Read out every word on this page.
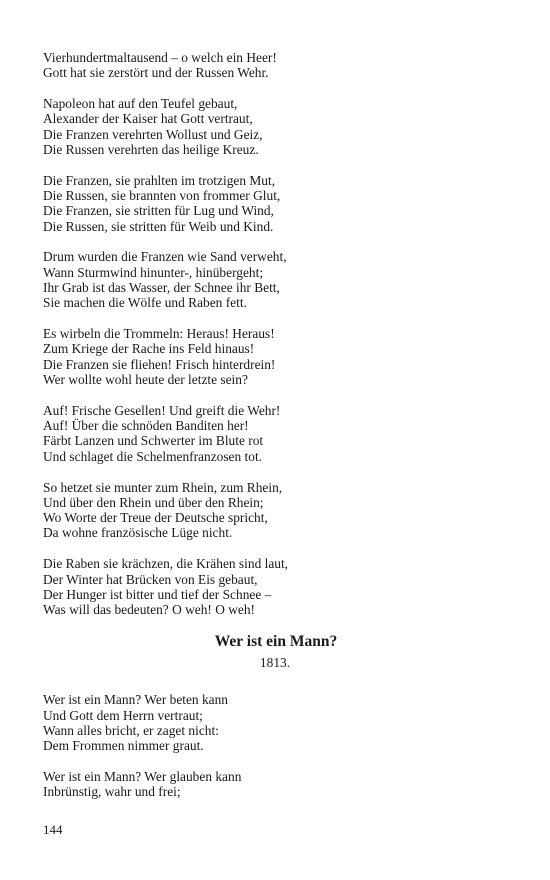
Vierhundertmaltausend – o welch ein Heer!
Gott hat sie zerstört und der Russen Wehr.
Napoleon hat auf den Teufel gebaut,
Alexander der Kaiser hat Gott vertraut,
Die Franzen verehrten Wollust und Geiz,
Die Russen verehrten das heilige Kreuz.
Die Franzen, sie prahlten im trotzigen Mut,
Die Russen, sie brannten von frommer Glut,
Die Franzen, sie stritten für Lug und Wind,
Die Russen, sie stritten für Weib und Kind.
Drum wurden die Franzen wie Sand verweht,
Wann Sturmwind hinunter-, hinübergeht;
Ihr Grab ist das Wasser, der Schnee ihr Bett,
Sie machen die Wölfe und Raben fett.
Es wirbeln die Trommeln: Heraus! Heraus!
Zum Kriege der Rache ins Feld hinaus!
Die Franzen sie fliehen! Frisch hinterdrein!
Wer wollte wohl heute der letzte sein?
Auf! Frische Gesellen! Und greift die Wehr!
Auf! Über die schnöden Banditen her!
Färbt Lanzen und Schwerter im Blute rot
Und schlaget die Schelmenfranzosen tot.
So hetzet sie munter zum Rhein, zum Rhein,
Und über den Rhein und über den Rhein;
Wo Worte der Treue der Deutsche spricht,
Da wohne französische Lüge nicht.
Die Raben sie krächzen, die Krähen sind laut,
Der Winter hat Brücken von Eis gebaut,
Der Hunger ist bitter und tief der Schnee –
Was will das bedeuten? O weh! O weh!
Wer ist ein Mann?
1813.
Wer ist ein Mann? Wer beten kann
Und Gott dem Herrn vertraut;
Wann alles bricht, er zaget nicht:
Dem Frommen nimmer graut.
Wer ist ein Mann? Wer glauben kann
Inbrünstig, wahr und frei;
144
